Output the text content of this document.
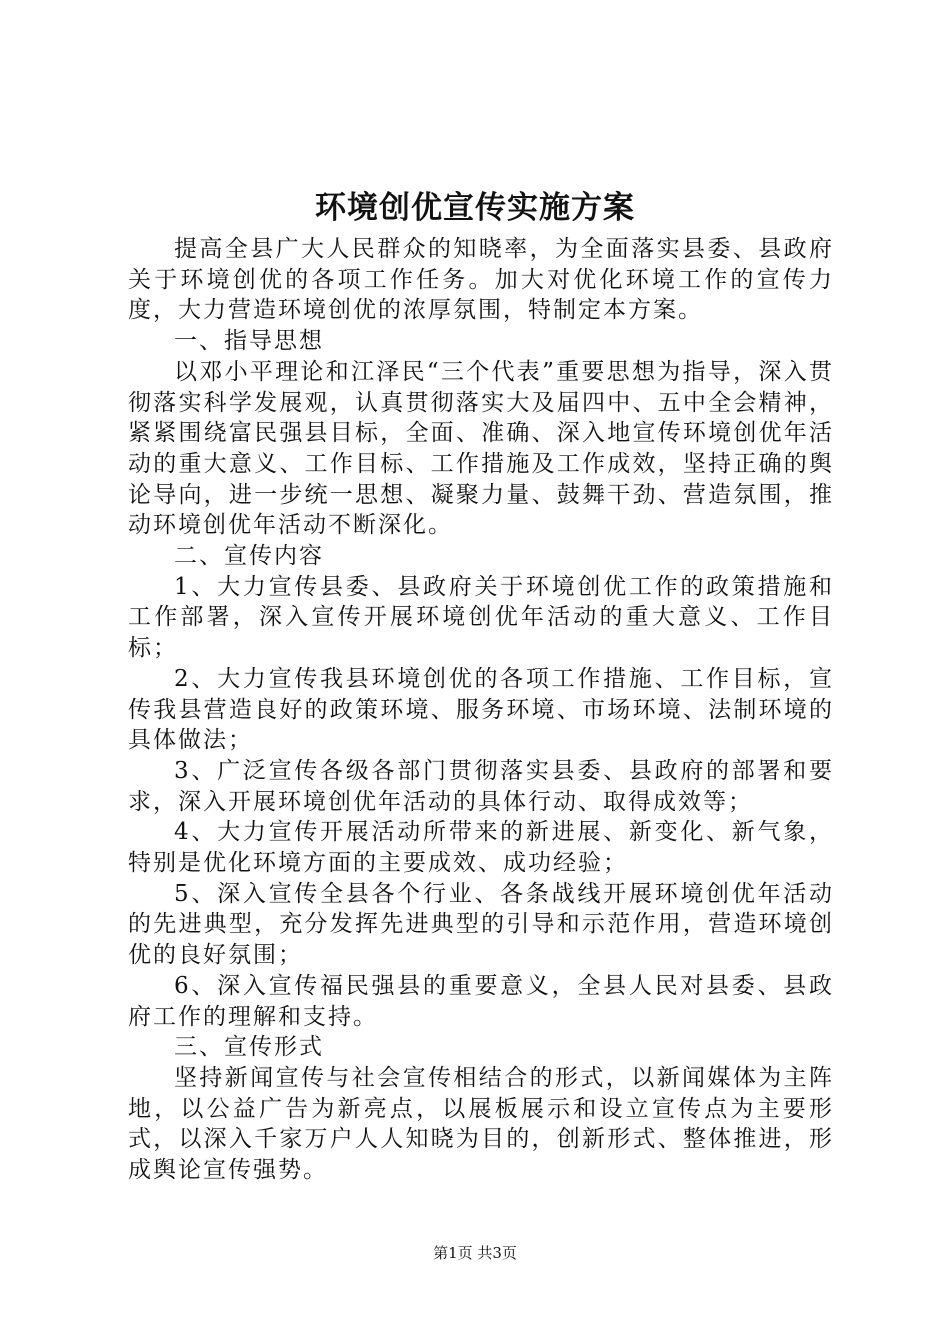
环境创优宣传实施方案

提高全县广大人民群众的知晓率，为全面落实县委、县政府关于环境创优的各项工作任务。加大对优化环境工作的宣传力度，大力营造环境创优的浓厚氛围，特制定本方案。

一、指导思想

以邓小平理论和江泽民“三个代表”重要思想为指导，深入贯彻落实科学发展观，认真贯彻落实大及届四中、五中全会精神，紧紧围绕富民强县目标，全面、准确、深入地宣传环境创优年活动的重大意义、工作目标、工作措施及工作成效，坚持正确的舆论导向，进一步统一思想、凝聚力量、鼓舞干劲、营造氛围，推动环境创优年活动不断深化。

二、宣传内容

1、大力宣传县委、县政府关于环境创优工作的政策措施和工作部署，深入宣传开展环境创优年活动的重大意义、工作目标；

2、大力宣传我县环境创优的各项工作措施、工作目标，宣传我县营造良好的政策环境、服务环境、市场环境、法制环境的具体做法；

3、广泛宣传各级各部门贯彻落实县委、县政府的部署和要求，深入开展环境创优年活动的具体行动、取得成效等；

4、大力宣传开展活动所带来的新进展、新变化、新气象，特别是优化环境方面的主要成效、成功经验；

5、深入宣传全县各个行业、各条战线开展环境创优年活动的先进典型，充分发挥先进典型的引导和示范作用，营造环境创优的良好氛围；

6、深入宣传福民强县的重要意义，全县人民对县委、县政府工作的理解和支持。

三、宣传形式

坚持新闻宣传与社会宣传相结合的形式，以新闻媒体为主阵地，以公益广告为新亮点，以展板展示和设立宣传点为主要形式，以深入千家万户人人知晓为目的，创新形式、整体推进，形成舆论宣传强势。

第1页 共3页
